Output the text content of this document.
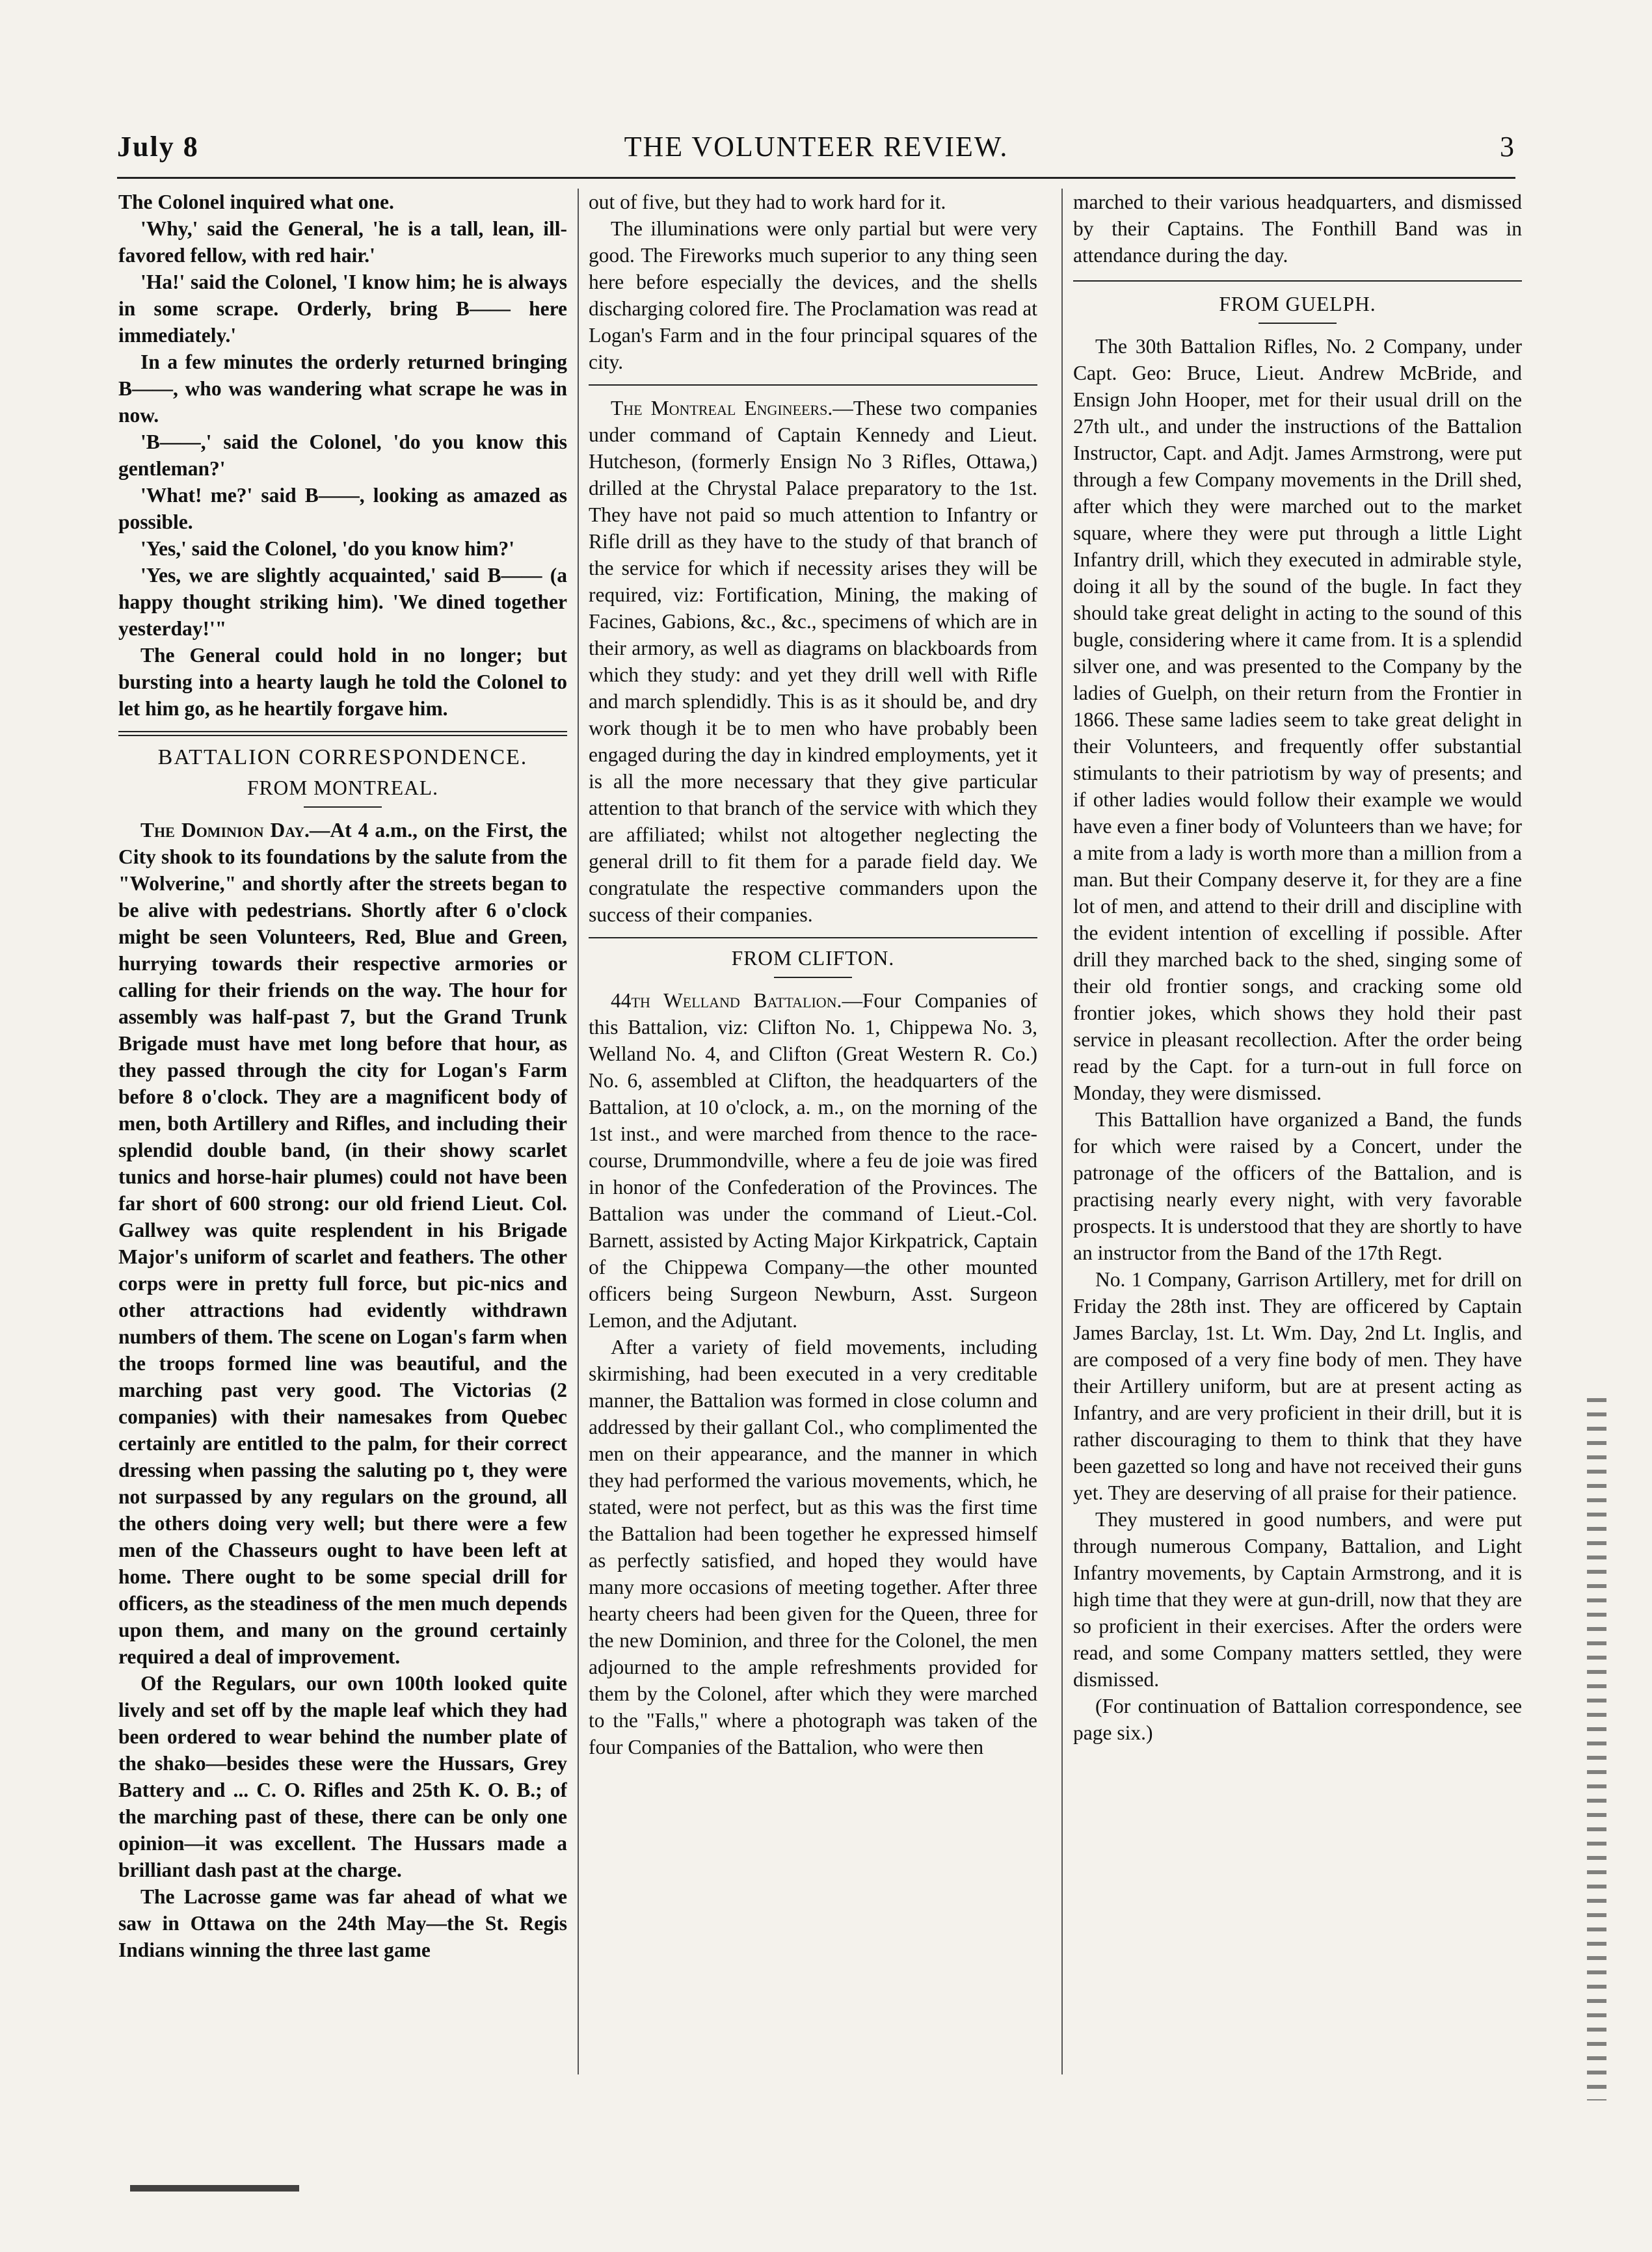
July 8	THE VOLUNTEER REVIEW.	3

The Colonel inquired what one.

'Why,' said the General, 'he is a tall, lean, ill-favored fellow, with red hair.'

'Ha!' said the Colonel, 'I know him; he is always in some scrape. Orderly, bring B—— here immediately.'

In a few minutes the orderly returned bringing B——, who was wandering what scrape he was in now.

'B——,' said the Colonel, 'do you know this gentleman?'

'What! me?' said B——, looking as amazed as possible.

'Yes,' said the Colonel, 'do you know him?'

'Yes, we are slightly acquainted,' said B—— (a happy thought striking him). 'We dined together yesterday!'"

The General could hold in no longer; but bursting into a hearty laugh he told the Colonel to let him go, as he heartily forgave him.

BATTALION CORRESPONDENCE.
FROM MONTREAL.

The Dominion Day.—At 4 a.m., on the First, the City shook to its foundations by the salute from the "Wolverine," and shortly after the streets began to be alive with pedestrians. Shortly after 6 o'clock might be seen Volunteers, Red, Blue and Green, hurrying towards their respective armories or calling for their friends on the way. The hour for assembly was half-past 7, but the Grand Trunk Brigade must have met long before that hour, as they passed through the city for Logan's Farm before 8 o'clock. They are a magnificent body of men, both Artillery and Rifles, and including their splendid double band, (in their showy scarlet tunics and horse-hair plumes) could not have been far short of 600 strong: our old friend Lieut. Col. Gallwey was quite resplendent in his Brigade Major's uniform of scarlet and feathers. The other corps were in pretty full force, but pic-nics and other attractions had evidently withdrawn numbers of them. The scene on Logan's farm when the troops formed line was beautiful, and the marching past very good. The Victorias (2 companies) with their namesakes from Quebec certainly are entitled to the palm, for their correct dressing when passing the saluting po t, they were not surpassed by any regulars on the ground, all the others doing very well; but there were a few men of the Chasseurs ought to have been left at home. There ought to be some special drill for officers, as the steadiness of the men much depends upon them, and many on the ground certainly required a deal of improvement.

Of the Regulars, our own 100th looked quite lively and set off by the maple leaf which they had been ordered to wear behind the number plate of the shako—besides these were the Hussars, Grey Battery and ... C. O. Rifles and 25th K. O. B.; of the marching past of these, there can be only one opinion—it was excellent. The Hussars made a brilliant dash past at the charge.

The Lacrosse game was far ahead of what we saw in Ottawa on the 24th May—the St. Regis Indians winning the three last game

out of five, but they had to work hard for it.

The illuminations were only partial but were very good. The Fireworks much superior to any thing seen here before especially the devices, and the shells discharging colored fire. The Proclamation was read at Logan's Farm and in the four principal squares of the city.

The Montreal Engineers.—These two companies under command of Captain Kennedy and Lieut. Hutcheson, (formerly Ensign No 3 Rifles, Ottawa,) drilled at the Chrystal Palace preparatory to the 1st. They have not paid so much attention to Infantry or Rifle drill as they have to the study of that branch of the service for which if necessity arises they will be required, viz: Fortification, Mining, the making of Facines, Gabions, &c., &c., specimens of which are in their armory, as well as diagrams on blackboards from which they study: and yet they drill well with Rifle and march splendidly. This is as it should be, and dry work though it be to men who have probably been engaged during the day in kindred employments, yet it is all the more necessary that they give particular attention to that branch of the service with which they are affiliated; whilst not altogether neglecting the general drill to fit them for a parade field day. We congratulate the respective commanders upon the success of their companies.

FROM CLIFTON.

44th Welland Battalion.—Four Companies of this Battalion, viz: Clifton No. 1, Chippewa No. 3, Welland No. 4, and Clifton (Great Western R. Co.) No. 6, assembled at Clifton, the headquarters of the Battalion, at 10 o'clock, a. m., on the morning of the 1st inst., and were marched from thence to the race-course, Drummondville, where a feu de joie was fired in honor of the Confederation of the Provinces. The Battalion was under the command of Lieut.-Col. Barnett, assisted by Acting Major Kirkpatrick, Captain of the Chippewa Company—the other mounted officers being Surgeon Newburn, Asst. Surgeon Lemon, and the Adjutant.

After a variety of field movements, including skirmishing, had been executed in a very creditable manner, the Battalion was formed in close column and addressed by their gallant Col., who complimented the men on their appearance, and the manner in which they had performed the various movements, which, he stated, were not perfect, but as this was the first time the Battalion had been together he expressed himself as perfectly satisfied, and hoped they would have many more occasions of meeting together. After three hearty cheers had been given for the Queen, three for the new Dominion, and three for the Colonel, the men adjourned to the ample refreshments provided for them by the Colonel, after which they were marched to the "Falls," where a photograph was taken of the four Companies of the Battalion, who were then

marched to their various headquarters, and dismissed by their Captains. The Fonthill Band was in attendance during the day.

FROM GUELPH.

The 30th Battalion Rifles, No. 2 Company, under Capt. Geo: Bruce, Lieut. Andrew McBride, and Ensign John Hooper, met for their usual drill on the 27th ult., and under the instructions of the Battalion Instructor, Capt. and Adjt. James Armstrong, were put through a few Company movements in the Drill shed, after which they were marched out to the market square, where they were put through a little Light Infantry drill, which they executed in admirable style, doing it all by the sound of the bugle. In fact they should take great delight in acting to the sound of this bugle, considering where it came from. It is a splendid silver one, and was presented to the Company by the ladies of Guelph, on their return from the Frontier in 1866. These same ladies seem to take great delight in their Volunteers, and frequently offer substantial stimulants to their patriotism by way of presents; and if other ladies would follow their example we would have even a finer body of Volunteers than we have; for a mite from a lady is worth more than a million from a man. But their Company deserve it, for they are a fine lot of men, and attend to their drill and discipline with the evident intention of excelling if possible. After drill they marched back to the shed, singing some of their old frontier songs, and cracking some old frontier jokes, which shows they hold their past service in pleasant recollection. After the order being read by the Capt. for a turn-out in full force on Monday, they were dismissed.

This Battallion have organized a Band, the funds for which were raised by a Concert, under the patronage of the officers of the Battalion, and is practising nearly every night, with very favorable prospects. It is understood that they are shortly to have an instructor from the Band of the 17th Regt.

No. 1 Company, Garrison Artillery, met for drill on Friday the 28th inst. They are officered by Captain James Barclay, 1st. Lt. Wm. Day, 2nd Lt. Inglis, and are composed of a very fine body of men. They have their Artillery uniform, but are at present acting as Infantry, and are very proficient in their drill, but it is rather discouraging to them to think that they have been gazetted so long and have not received their guns yet. They are deserving of all praise for their patience.

They mustered in good numbers, and were put through numerous Company, Battalion, and Light Infantry movements, by Captain Armstrong, and it is high time that they were at gun-drill, now that they are so proficient in their exercises. After the orders were read, and some Company matters settled, they were dismissed.

(For continuation of Battalion correspondence, see page six.)
